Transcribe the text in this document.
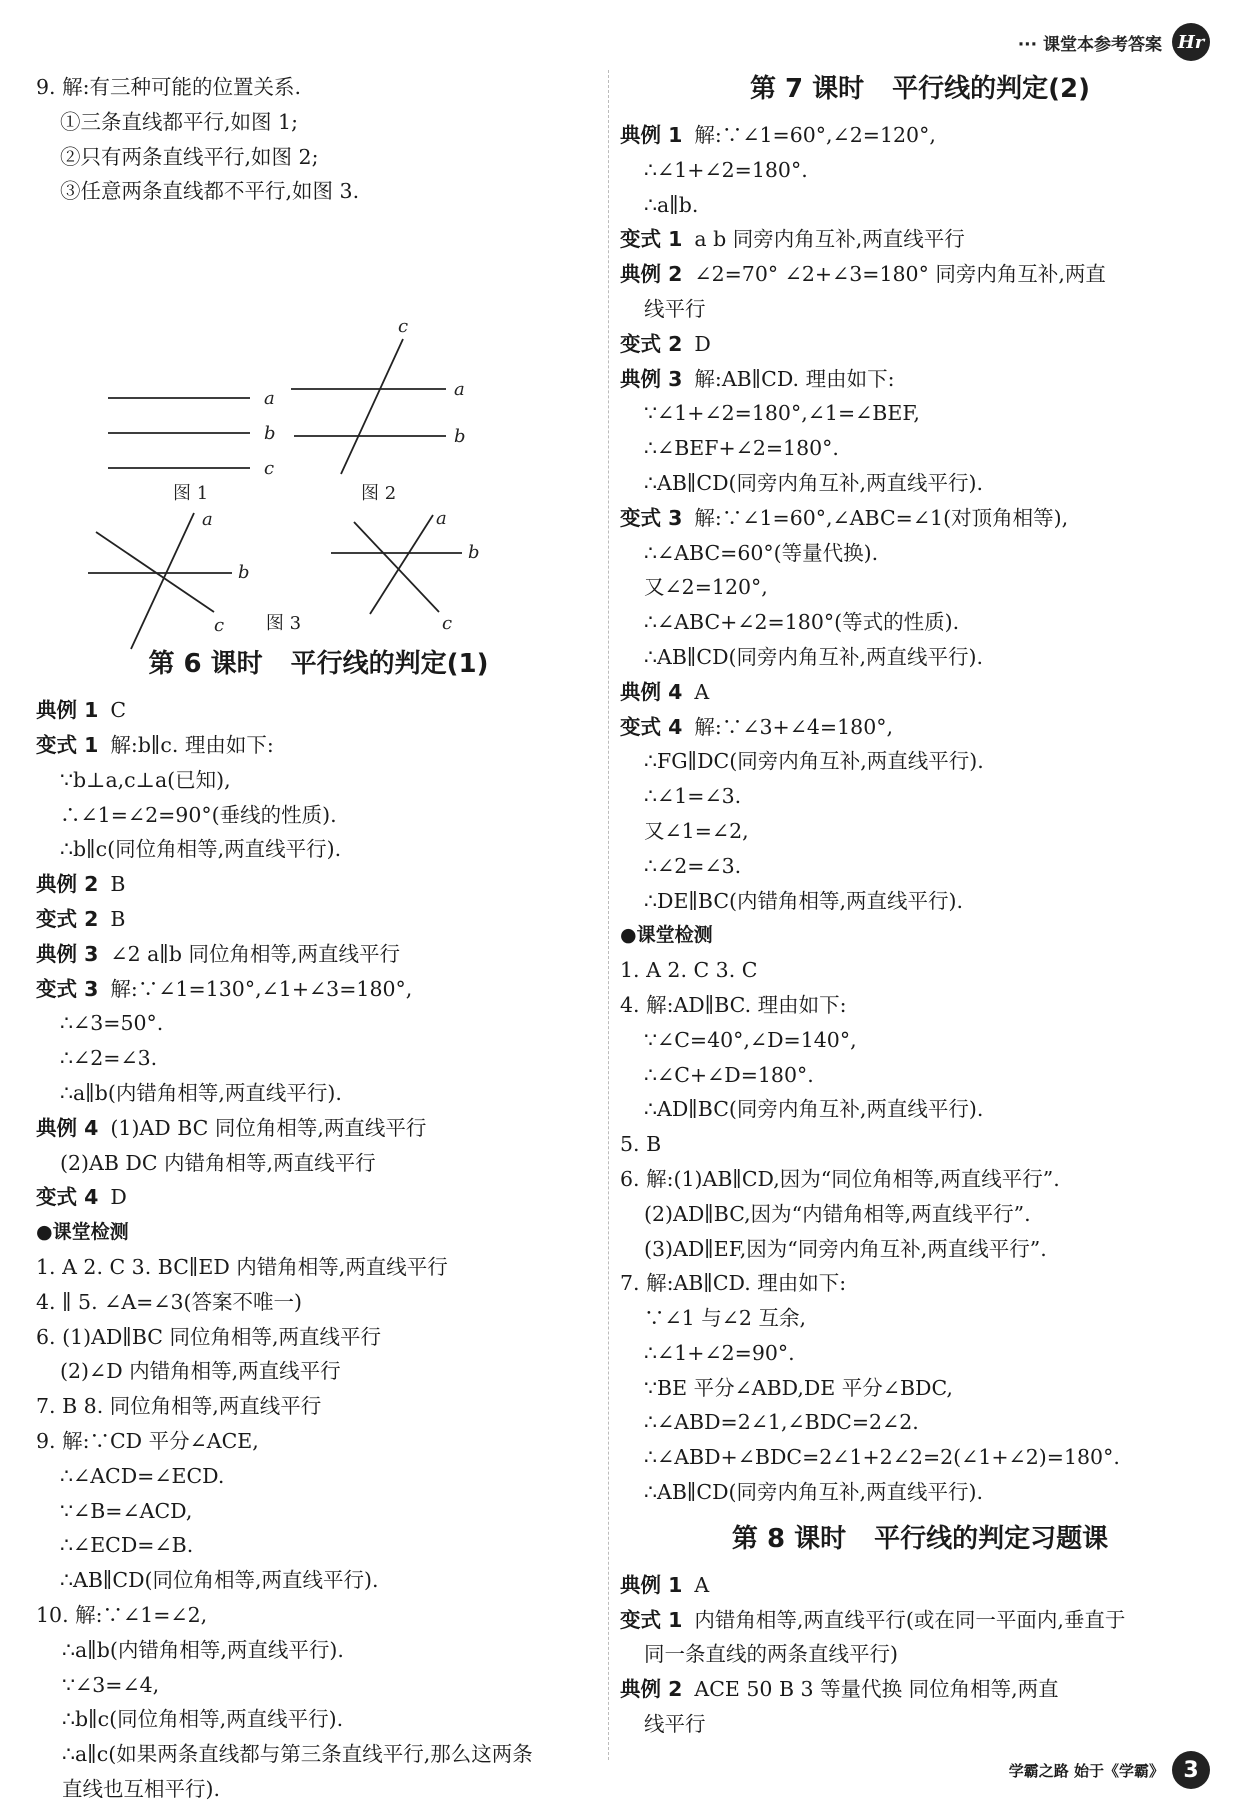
··· 课堂本参考答案 Hr
9. 解:有三种可能的位置关系.
①三条直线都平行,如图 1;
②只有两条直线平行,如图 2;
③任意两条直线都不平行,如图 3.
a
b
c
a
b
c
a
b
c
a
b
c
图 1	图 2
图 3
第 6 课时 平行线的判定(1)
典例 1 C
变式 1 解:b∥c. 理由如下:
∵b⊥a,c⊥a(已知),
∴∠1=∠2=90°(垂线的性质).
∴b∥c(同位角相等,两直线平行).
典例 2 B
变式 2 B
典例 3 ∠2 a∥b 同位角相等,两直线平行
变式 3 解:∵∠1=130°,∠1+∠3=180°,
∴∠3=50°.
∴∠2=∠3.
∴a∥b(内错角相等,两直线平行).
典例 4 (1)AD BC 同位角相等,两直线平行
(2)AB DC 内错角相等,两直线平行
变式 4 D
●课堂检测
1. A 2. C 3. BC∥ED 内错角相等,两直线平行
4. ∥ 5. ∠A=∠3(答案不唯一)
6. (1)AD∥BC 同位角相等,两直线平行
(2)∠D 内错角相等,两直线平行
7. B 8. 同位角相等,两直线平行
9. 解:∵CD 平分∠ACE,
∴∠ACD=∠ECD.
∵∠B=∠ACD,
∴∠ECD=∠B.
∴AB∥CD(同位角相等,两直线平行).
10. 解:∵∠1=∠2,
∴a∥b(内错角相等,两直线平行).
∵∠3=∠4,
∴b∥c(同位角相等,两直线平行).
∴a∥c(如果两条直线都与第三条直线平行,那么这两条
直线也互相平行).
第 7 课时 平行线的判定(2)
典例 1 解:∵∠1=60°,∠2=120°,
∴∠1+∠2=180°.
∴a∥b.
变式 1 a b 同旁内角互补,两直线平行
典例 2 ∠2=70° ∠2+∠3=180° 同旁内角互补,两直
线平行
变式 2 D
典例 3 解:AB∥CD. 理由如下:
∵∠1+∠2=180°,∠1=∠BEF,
∴∠BEF+∠2=180°.
∴AB∥CD(同旁内角互补,两直线平行).
变式 3 解:∵∠1=60°,∠ABC=∠1(对顶角相等),
∴∠ABC=60°(等量代换).
又∠2=120°,
∴∠ABC+∠2=180°(等式的性质).
∴AB∥CD(同旁内角互补,两直线平行).
典例 4 A
变式 4 解:∵∠3+∠4=180°,
∴FG∥DC(同旁内角互补,两直线平行).
∴∠1=∠3.
又∠1=∠2,
∴∠2=∠3.
∴DE∥BC(内错角相等,两直线平行).
●课堂检测
1. A 2. C 3. C
4. 解:AD∥BC. 理由如下:
∵∠C=40°,∠D=140°,
∴∠C+∠D=180°.
∴AD∥BC(同旁内角互补,两直线平行).
5. B
6. 解:(1)AB∥CD,因为“同位角相等,两直线平行”.
(2)AD∥BC,因为“内错角相等,两直线平行”.
(3)AD∥EF,因为“同旁内角互补,两直线平行”.
7. 解:AB∥CD. 理由如下:
∵∠1 与∠2 互余,
∴∠1+∠2=90°.
∵BE 平分∠ABD,DE 平分∠BDC,
∴∠ABD=2∠1,∠BDC=2∠2.
∴∠ABD+∠BDC=2∠1+2∠2=2(∠1+∠2)=180°.
∴AB∥CD(同旁内角互补,两直线平行).
第 8 课时 平行线的判定习题课
典例 1 A
变式 1 内错角相等,两直线平行(或在同一平面内,垂直于
同一条直线的两条直线平行)
典例 2 ACE 50 B 3 等量代换 同位角相等,两直
线平行
学霸之路 始于《学霸》 3
